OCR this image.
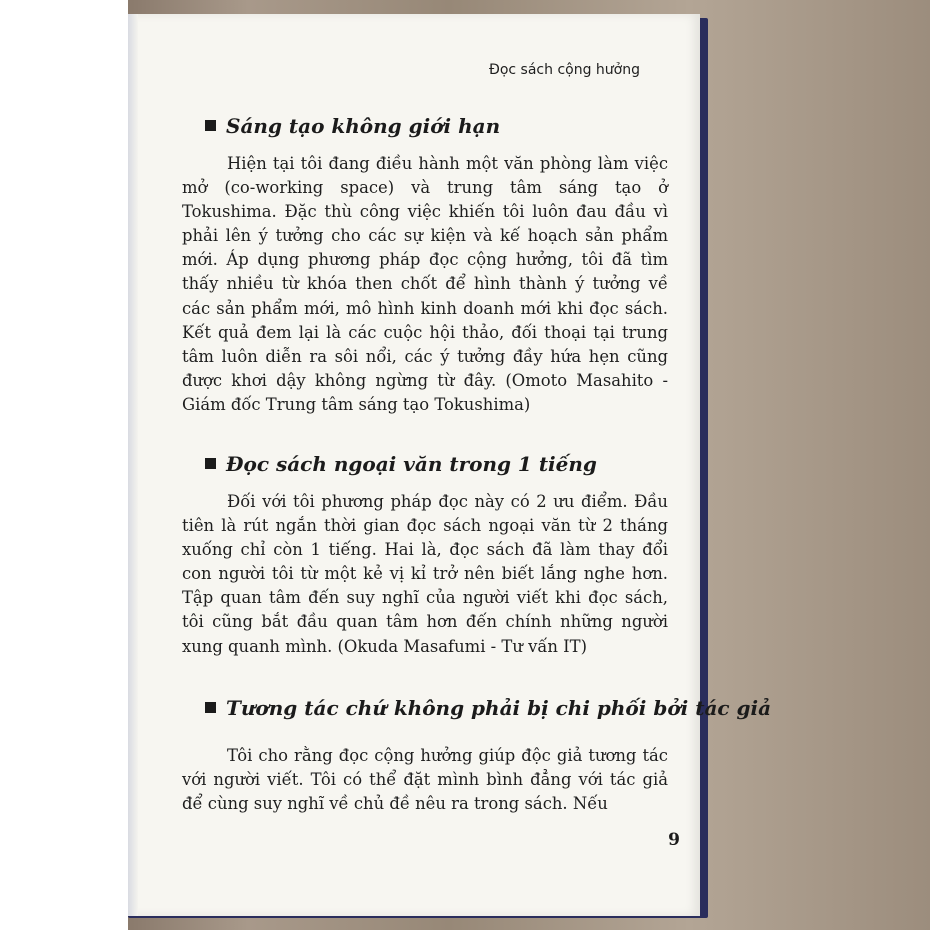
Đọc sách cộng hưởng
Sáng tạo không giới hạn
Hiện tại tôi đang điều hành một văn phòng làm việc mở (co-working space) và trung tâm sáng tạo ở Tokushima. Đặc thù công việc khiến tôi luôn đau đầu vì phải lên ý tưởng cho các sự kiện và kế hoạch sản phẩm mới. Áp dụng phương pháp đọc cộng hưởng, tôi đã tìm thấy nhiều từ khóa then chốt để hình thành ý tưởng về các sản phẩm mới, mô hình kinh doanh mới khi đọc sách. Kết quả đem lại là các cuộc hội thảo, đối thoại tại trung tâm luôn diễn ra sôi nổi, các ý tưởng đầy hứa hẹn cũng được khơi dậy không ngừng từ đây. (Omoto Masahito - Giám đốc Trung tâm sáng tạo Tokushima)
Đọc sách ngoại văn trong 1 tiếng
Đối với tôi phương pháp đọc này có 2 ưu điểm. Đầu tiên là rút ngắn thời gian đọc sách ngoại văn từ 2 tháng xuống chỉ còn 1 tiếng. Hai là, đọc sách đã làm thay đổi con người tôi từ một kẻ vị kỉ trở nên biết lắng nghe hơn. Tập quan tâm đến suy nghĩ của người viết khi đọc sách, tôi cũng bắt đầu quan tâm hơn đến chính những người xung quanh mình. (Okuda Masafumi - Tư vấn IT)
Tương tác chứ không phải bị chi phối bởi tác giả
Tôi cho rằng đọc cộng hưởng giúp độc giả tương tác với người viết. Tôi có thể đặt mình bình đẳng với tác giả để cùng suy nghĩ về chủ đề nêu ra trong sách. Nếu
9
